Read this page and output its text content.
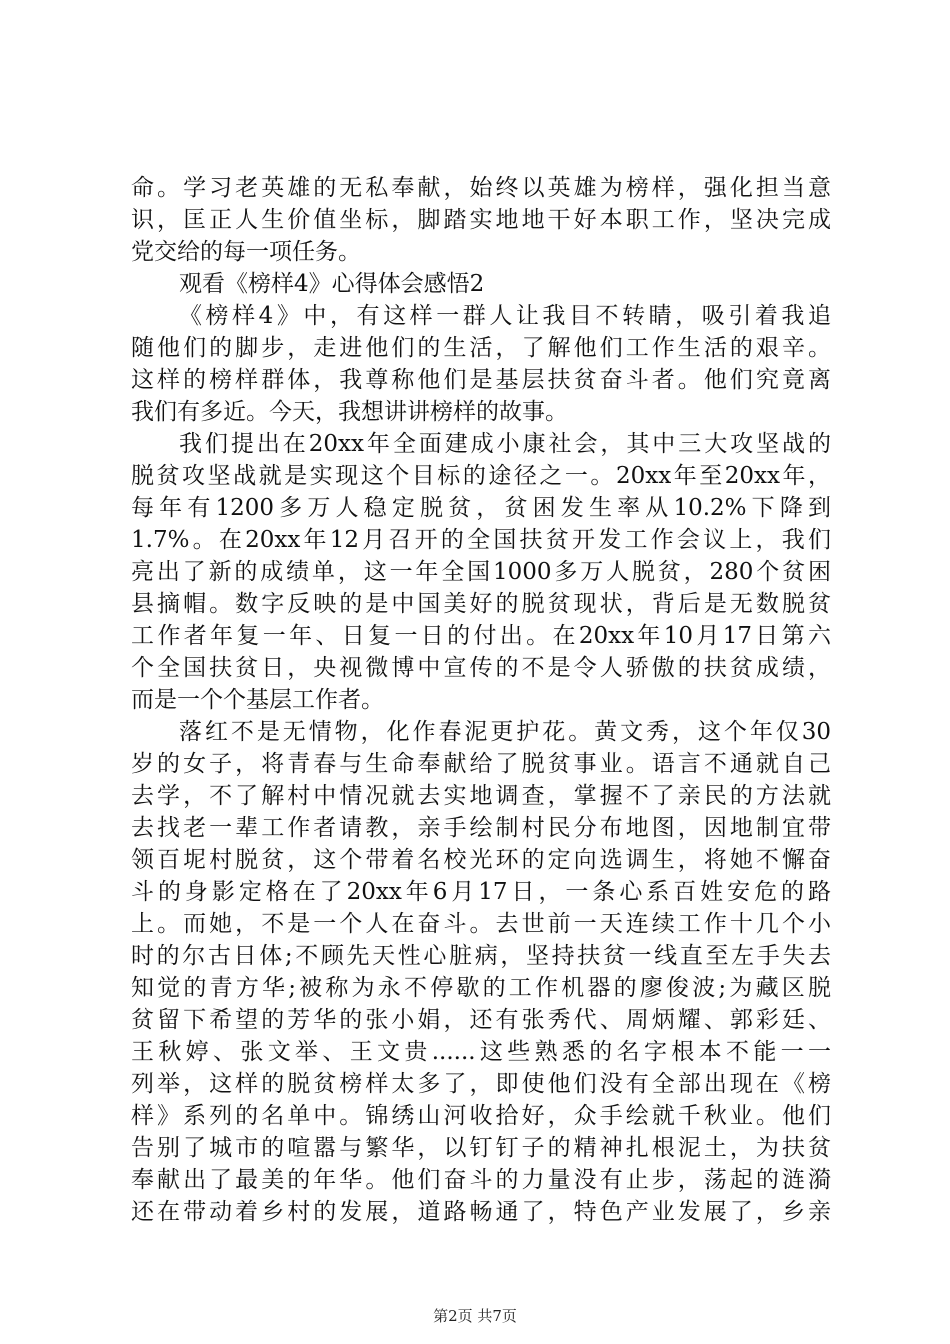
命。学习老英雄的无私奉献，始终以英雄为榜样，强化担当意
识，匡正人生价值坐标，脚踏实地地干好本职工作，坚决完成
党交给的每一项任务。
观看《榜样4》心得体会感悟2
《榜样4》中，有这样一群人让我目不转睛，吸引着我追
随他们的脚步，走进他们的生活，了解他们工作生活的艰辛。
这样的榜样群体，我尊称他们是基层扶贫奋斗者。他们究竟离
我们有多近。今天，我想讲讲榜样的故事。
我们提出在20xx年全面建成小康社会，其中三大攻坚战的
脱贫攻坚战就是实现这个目标的途径之一。20xx年至20xx年，
每年有1200多万人稳定脱贫，贫困发生率从10.2%下降到
1.7%。在20xx年12月召开的全国扶贫开发工作会议上，我们
亮出了新的成绩单，这一年全国1000多万人脱贫，280个贫困
县摘帽。数字反映的是中国美好的脱贫现状，背后是无数脱贫
工作者年复一年、日复一日的付出。在20xx年10月17日第六
个全国扶贫日，央视微博中宣传的不是令人骄傲的扶贫成绩，
而是一个个基层工作者。
落红不是无情物，化作春泥更护花。黄文秀，这个年仅30
岁的女子，将青春与生命奉献给了脱贫事业。语言不通就自己
去学，不了解村中情况就去实地调查，掌握不了亲民的方法就
去找老一辈工作者请教，亲手绘制村民分布地图，因地制宜带
领百坭村脱贫，这个带着名校光环的定向选调生，将她不懈奋
斗的身影定格在了20xx年6月17日，一条心系百姓安危的路
上。而她，不是一个人在奋斗。去世前一天连续工作十几个小
时的尔古日体;不顾先天性心脏病，坚持扶贫一线直至左手失去
知觉的青方华;被称为永不停歇的工作机器的廖俊波;为藏区脱
贫留下希望的芳华的张小娟，还有张秀代、周炳耀、郭彩廷、
王秋婷、张文举、王文贵......这些熟悉的名字根本不能一一
列举，这样的脱贫榜样太多了，即使他们没有全部出现在《榜
样》系列的名单中。锦绣山河收拾好，众手绘就千秋业。他们
告别了城市的喧嚣与繁华，以钉钉子的精神扎根泥土，为扶贫
奉献出了最美的年华。他们奋斗的力量没有止步，荡起的涟漪
还在带动着乡村的发展，道路畅通了，特色产业发展了，乡亲
第2页 共7页
